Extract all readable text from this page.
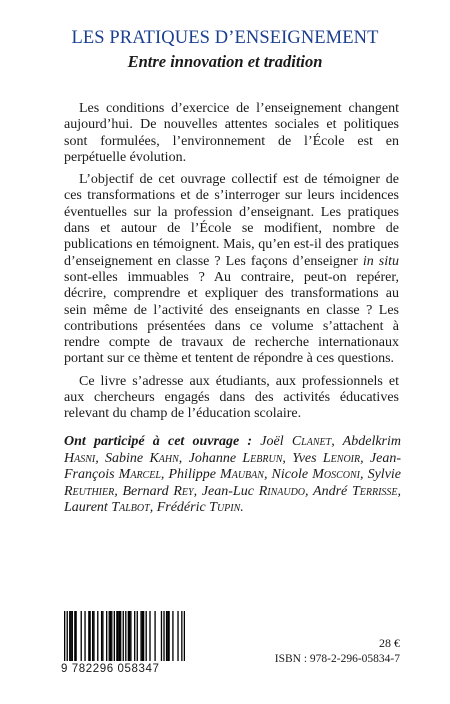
LES PRATIQUES D’ENSEIGNEMENT
Entre innovation et tradition

Les conditions d’exercice de l’enseignement changent aujourd’hui. De nouvelles attentes sociales et politiques sont formulées, l’environnement de l’École est en perpétuelle évolution.

L’objectif de cet ouvrage collectif est de témoigner de ces transformations et de s’interroger sur leurs incidences éventuelles sur la profession d’enseignant. Les pratiques dans et autour de l’École se modifient, nombre de publications en témoignent. Mais, qu’en est-il des pratiques d’enseignement en classe ? Les façons d’enseigner in situ sont-elles immuables ? Au contraire, peut-on repérer, décrire, comprendre et expliquer des transformations au sein même de l’activité des enseignants en classe ? Les contributions présentées dans ce volume s’attachent à rendre compte de travaux de recherche internationaux portant sur ce thème et tentent de répondre à ces questions.

Ce livre s’adresse aux étudiants, aux professionnels et aux chercheurs engagés dans des activités éducatives relevant du champ de l’éducation scolaire.

Ont participé à cet ouvrage : Joël Clanet, Abdelkrim Hasni, Sabine Kahn, Johanne Lebrun, Yves Lenoir, Jean-François Marcel, Philippe Mauban, Nicole Mosconi, Sylvie Reuthier, Bernard Rey, Jean-Luc Rinaudo, André Terrisse, Laurent Talbot, Frédéric Tupin.

9 782296 058347
28 €
ISBN : 978-2-296-05834-7
